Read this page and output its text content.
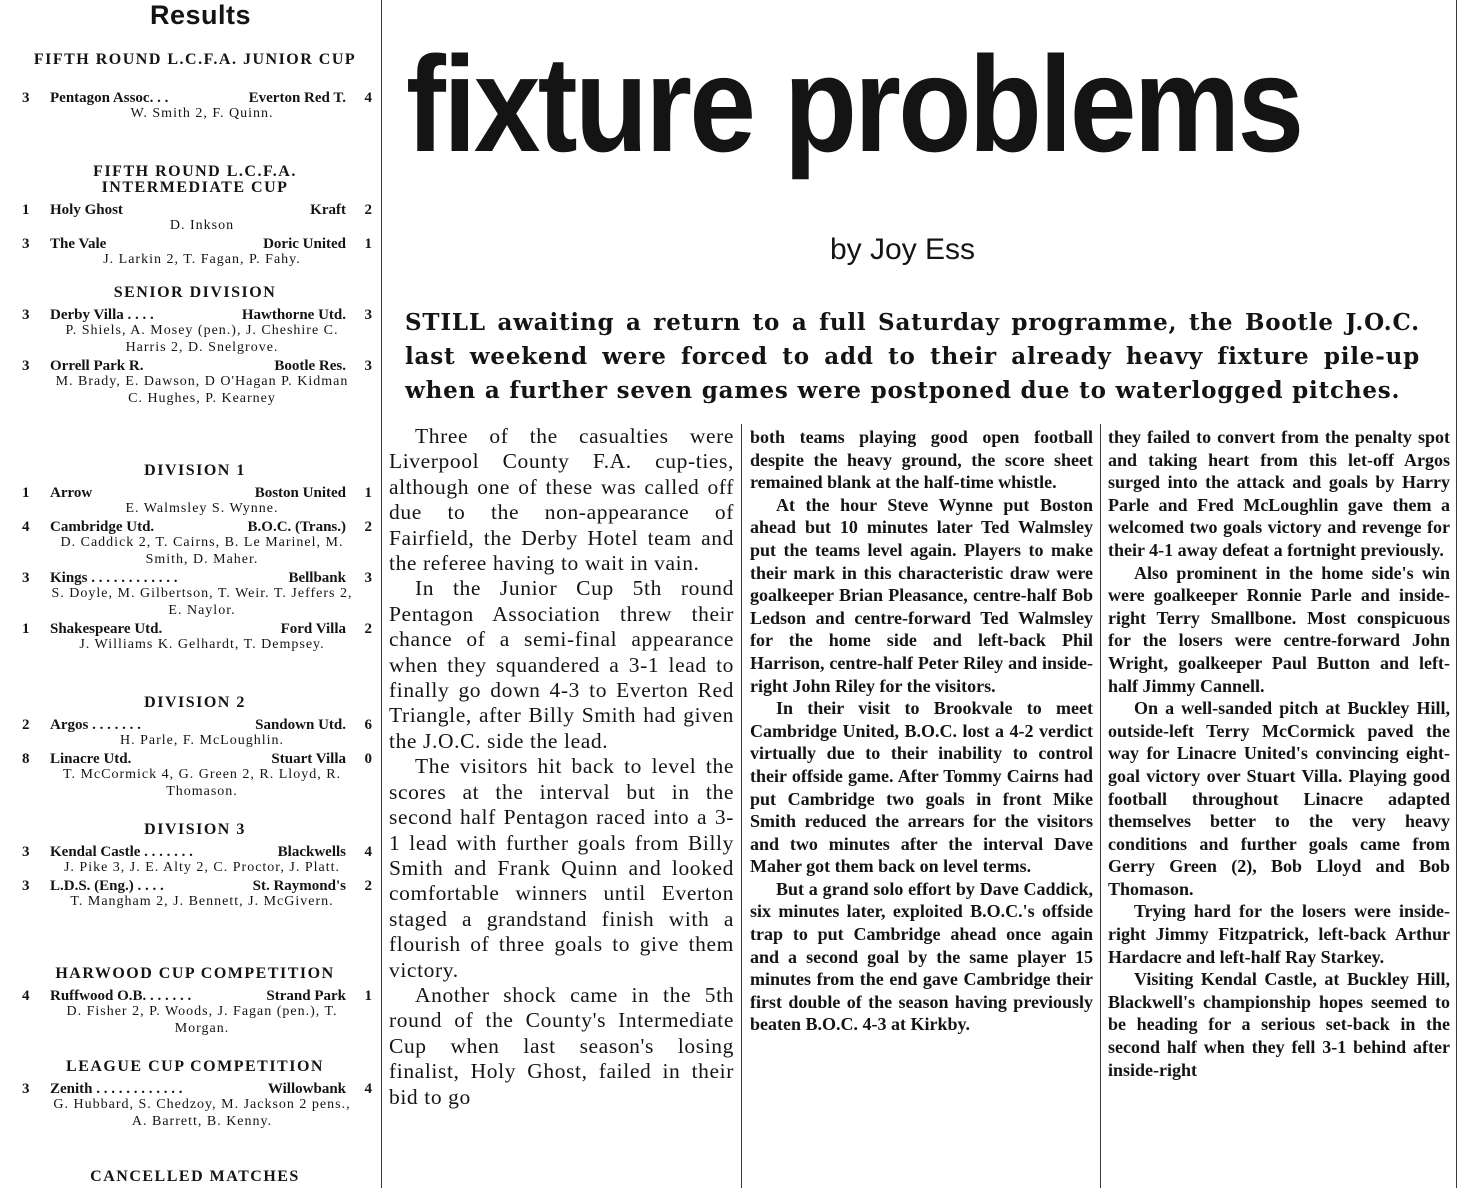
Results
FIFTH ROUND L.C.F.A. JUNIOR CUP
3 Pentagon Assoc. . .	Everton Red T. 4
W. Smith 2, F. Quinn.
FIFTH ROUND L.C.F.A. INTERMEDIATE CUP
1 Holy Ghost	Kraft 2
D. Inkson
3 The Vale	Doric United 1
J. Larkin 2, T. Fagan, P. Fahy.
SENIOR DIVISION
3 Derby Villa . . . .	Hawthorne Utd. 3
P. Shiels, A. Mosey (pen.), J. Cheshire C. Harris 2, D. Snelgrove.
3 Orrell Park R.	Bootle Res. 3
M. Brady, E. Dawson, D O'Hagan P. Kidman C. Hughes, P. Kearney
DIVISION 1
1 Arrow	Boston United 1
E. Walmsley S. Wynne.
4 Cambridge Utd.	B.O.C. (Trans.) 2
D. Caddick 2, T. Cairns, B. Le Marinel, M. Smith, D. Maher.
3 Kings . . . . . . . . . . . .	Bellbank 3
S. Doyle, M. Gilbertson, T. Weir. T. Jeffers 2, E. Naylor.
1 Shakespeare Utd.	Ford Villa 2
J. Williams K. Gelhardt, T. Dempsey.
DIVISION 2
2 Argos . . . . . . .	Sandown Utd. 6
H. Parle, F. McLoughlin.
8 Linacre Utd.	Stuart Villa 0
T. McCormick 4, G. Green 2, R. Lloyd, R. Thomason.
DIVISION 3
3 Kendal Castle . . . . . . .	Blackwells 4
J. Pike 3, J. E. Alty 2, C. Proctor, J. Platt.
3 L.D.S. (Eng.) . . . .	St. Raymond's 2
T. Mangham 2, J. Bennett, J. McGivern.
HARWOOD CUP COMPETITION
4 Ruffwood O.B. . . . . . .	Strand Park 1
D. Fisher 2, P. Woods, J. Fagan (pen.), T. Morgan.
LEAGUE CUP COMPETITION
3 Zenith . . . . . . . . . . . .	Willowbank 4
G. Hubbard, S. Chedzoy, M. Jackson 2 pens., A. Barrett, B. Kenny.
CANCELLED MATCHES
fixture problems
by Joy Ess
STILL awaiting a return to a full Saturday programme, the Bootle J.O.C. last weekend were forced to add to their already heavy fixture pile-up when a further seven games were postponed due to waterlogged pitches.

Three of the casualties were Liverpool County F.A. cup-ties, although one of these was called off due to the non-appearance of Fairfield, the Derby Hotel team and the referee having to wait in vain.

In the Junior Cup 5th round Pentagon Association threw their chance of a semi-final appearance when they squandered a 3-1 lead to finally go down 4-3 to Everton Red Triangle, after Billy Smith had given the J.O.C. side the lead.

The visitors hit back to level the scores at the interval but in the second half Pentagon raced into a 3-1 lead with further goals from Billy Smith and Frank Quinn and looked comfortable winners until Everton staged a grandstand finish with a flourish of three goals to give them victory.

Another shock came in the 5th round of the County's Intermediate Cup when last season's losing finalist, Holy Ghost, failed in their bid to go

both teams playing good open football despite the heavy ground, the score sheet remained blank at the half-time whistle.

At the hour Steve Wynne put Boston ahead but 10 minutes later Ted Walmsley put the teams level again. Players to make their mark in this characteristic draw were goalkeeper Brian Pleasance, centre-half Bob Ledson and centre-forward Ted Walmsley for the home side and left-back Phil Harrison, centre-half Peter Riley and inside-right John Riley for the visitors.

In their visit to Brookvale to meet Cambridge United, B.O.C. lost a 4-2 verdict virtually due to their inability to control their offside game. After Tommy Cairns had put Cambridge two goals in front Mike Smith reduced the arrears for the visitors and two minutes after the interval Dave Maher got them back on level terms.

But a grand solo effort by Dave Caddick, six minutes later, exploited B.O.C.'s offside trap to put Cambridge ahead once again and a second goal by the same player 15 minutes from the end gave Cambridge their first double of the season having previously beaten B.O.C. 4-3 at Kirkby.

they failed to convert from the penalty spot and taking heart from this let-off Argos surged into the attack and goals by Harry Parle and Fred McLoughlin gave them a welcomed two goals victory and revenge for their 4-1 away defeat a fortnight previously.

Also prominent in the home side's win were goalkeeper Ronnie Parle and inside-right Terry Smallbone. Most conspicuous for the losers were centre-forward John Wright, goalkeeper Paul Button and left-half Jimmy Cannell.

On a well-sanded pitch at Buckley Hill, outside-left Terry McCormick paved the way for Linacre United's convincing eight-goal victory over Stuart Villa. Playing good football throughout Linacre adapted themselves better to the very heavy conditions and further goals came from Gerry Green (2), Bob Lloyd and Bob Thomason.

Trying hard for the losers were inside-right Jimmy Fitzpatrick, left-back Arthur Hardacre and left-half Ray Starkey.

Visiting Kendal Castle, at Buckley Hill, Blackwell's championship hopes seemed to be heading for a serious set-back in the second half when they fell 3-1 behind after inside-right
